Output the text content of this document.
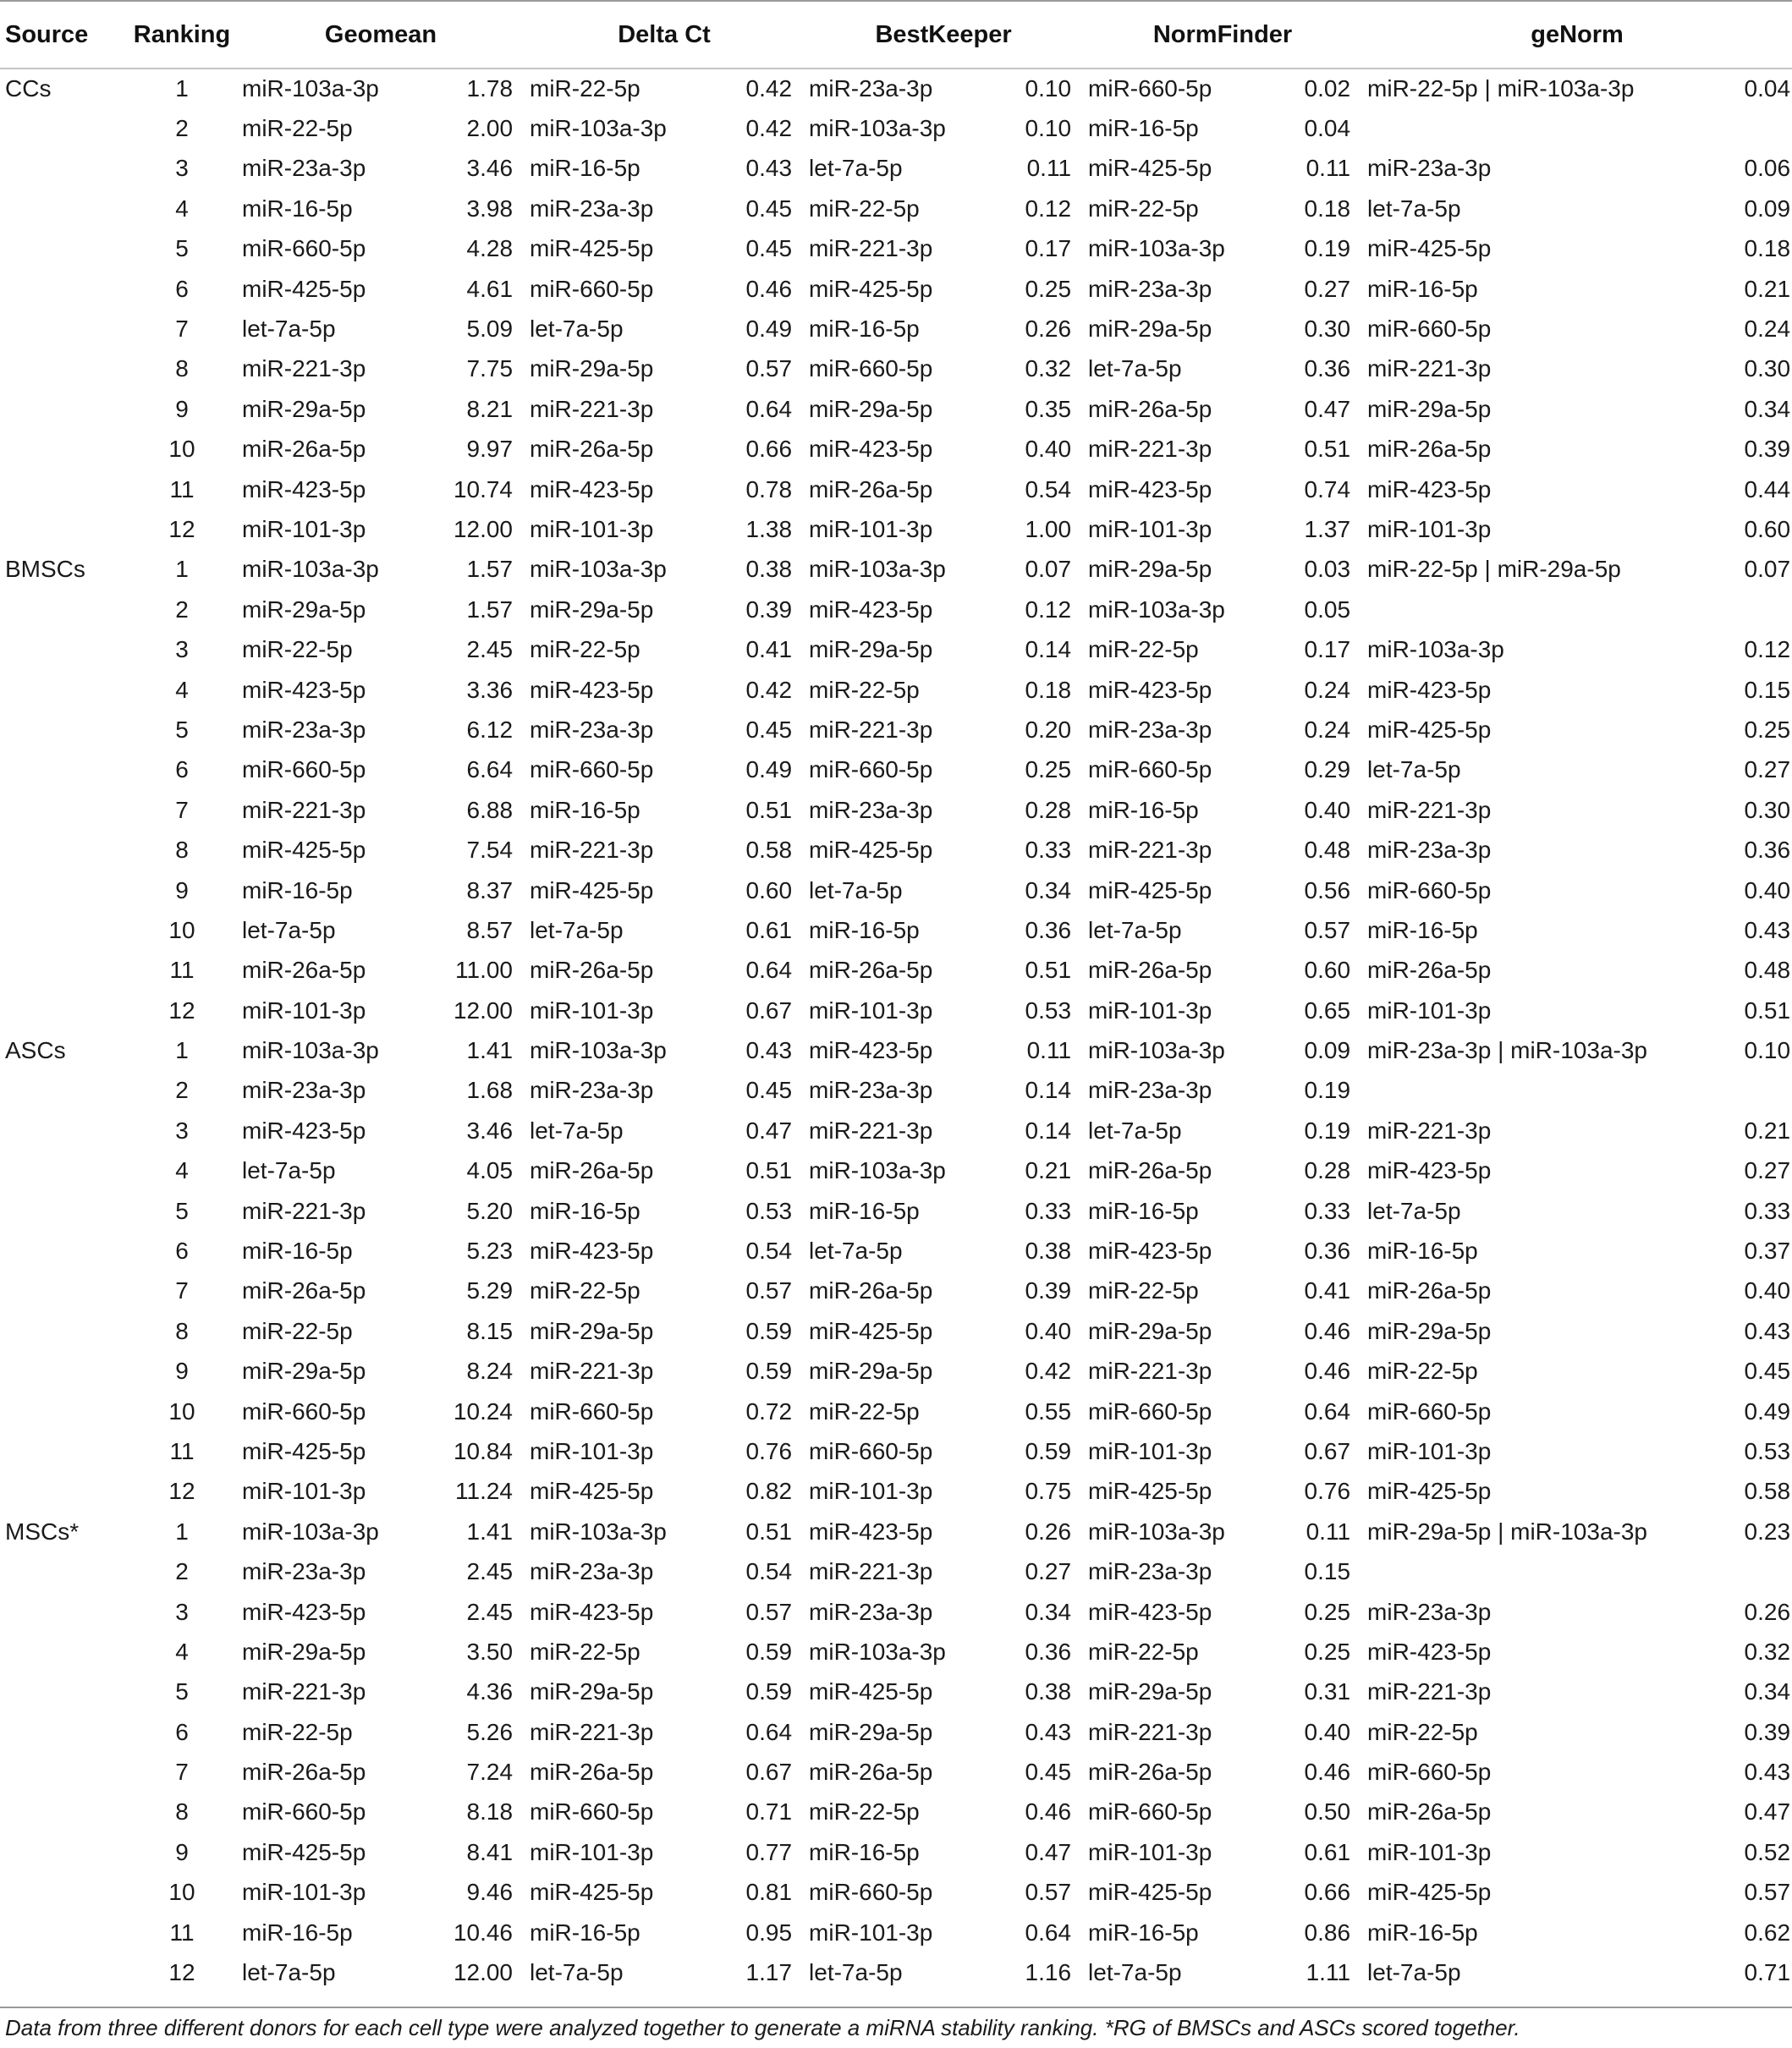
Source	Ranking	Geomean		Delta Ct		BestKeeper		NormFinder		geNorm	
CCs	1	miR-103a-3p	1.78	miR-22-5p	0.42	miR-23a-3p	0.10	miR-660-5p	0.02	miR-22-5p | miR-103a-3p	0.04
	2	miR-22-5p	2.00	miR-103a-3p	0.42	miR-103a-3p	0.10	miR-16-5p	0.04		
	3	miR-23a-3p	3.46	miR-16-5p	0.43	let-7a-5p	0.11	miR-425-5p	0.11	miR-23a-3p	0.06
	4	miR-16-5p	3.98	miR-23a-3p	0.45	miR-22-5p	0.12	miR-22-5p	0.18	let-7a-5p	0.09
	5	miR-660-5p	4.28	miR-425-5p	0.45	miR-221-3p	0.17	miR-103a-3p	0.19	miR-425-5p	0.18
	6	miR-425-5p	4.61	miR-660-5p	0.46	miR-425-5p	0.25	miR-23a-3p	0.27	miR-16-5p	0.21
	7	let-7a-5p	5.09	let-7a-5p	0.49	miR-16-5p	0.26	miR-29a-5p	0.30	miR-660-5p	0.24
	8	miR-221-3p	7.75	miR-29a-5p	0.57	miR-660-5p	0.32	let-7a-5p	0.36	miR-221-3p	0.30
	9	miR-29a-5p	8.21	miR-221-3p	0.64	miR-29a-5p	0.35	miR-26a-5p	0.47	miR-29a-5p	0.34
	10	miR-26a-5p	9.97	miR-26a-5p	0.66	miR-423-5p	0.40	miR-221-3p	0.51	miR-26a-5p	0.39
	11	miR-423-5p	10.74	miR-423-5p	0.78	miR-26a-5p	0.54	miR-423-5p	0.74	miR-423-5p	0.44
	12	miR-101-3p	12.00	miR-101-3p	1.38	miR-101-3p	1.00	miR-101-3p	1.37	miR-101-3p	0.60
BMSCs	1	miR-103a-3p	1.57	miR-103a-3p	0.38	miR-103a-3p	0.07	miR-29a-5p	0.03	miR-22-5p | miR-29a-5p	0.07
	2	miR-29a-5p	1.57	miR-29a-5p	0.39	miR-423-5p	0.12	miR-103a-3p	0.05		
	3	miR-22-5p	2.45	miR-22-5p	0.41	miR-29a-5p	0.14	miR-22-5p	0.17	miR-103a-3p	0.12
	4	miR-423-5p	3.36	miR-423-5p	0.42	miR-22-5p	0.18	miR-423-5p	0.24	miR-423-5p	0.15
	5	miR-23a-3p	6.12	miR-23a-3p	0.45	miR-221-3p	0.20	miR-23a-3p	0.24	miR-425-5p	0.25
	6	miR-660-5p	6.64	miR-660-5p	0.49	miR-660-5p	0.25	miR-660-5p	0.29	let-7a-5p	0.27
	7	miR-221-3p	6.88	miR-16-5p	0.51	miR-23a-3p	0.28	miR-16-5p	0.40	miR-221-3p	0.30
	8	miR-425-5p	7.54	miR-221-3p	0.58	miR-425-5p	0.33	miR-221-3p	0.48	miR-23a-3p	0.36
	9	miR-16-5p	8.37	miR-425-5p	0.60	let-7a-5p	0.34	miR-425-5p	0.56	miR-660-5p	0.40
	10	let-7a-5p	8.57	let-7a-5p	0.61	miR-16-5p	0.36	let-7a-5p	0.57	miR-16-5p	0.43
	11	miR-26a-5p	11.00	miR-26a-5p	0.64	miR-26a-5p	0.51	miR-26a-5p	0.60	miR-26a-5p	0.48
	12	miR-101-3p	12.00	miR-101-3p	0.67	miR-101-3p	0.53	miR-101-3p	0.65	miR-101-3p	0.51
ASCs	1	miR-103a-3p	1.41	miR-103a-3p	0.43	miR-423-5p	0.11	miR-103a-3p	0.09	miR-23a-3p | miR-103a-3p	0.10
	2	miR-23a-3p	1.68	miR-23a-3p	0.45	miR-23a-3p	0.14	miR-23a-3p	0.19		
	3	miR-423-5p	3.46	let-7a-5p	0.47	miR-221-3p	0.14	let-7a-5p	0.19	miR-221-3p	0.21
	4	let-7a-5p	4.05	miR-26a-5p	0.51	miR-103a-3p	0.21	miR-26a-5p	0.28	miR-423-5p	0.27
	5	miR-221-3p	5.20	miR-16-5p	0.53	miR-16-5p	0.33	miR-16-5p	0.33	let-7a-5p	0.33
	6	miR-16-5p	5.23	miR-423-5p	0.54	let-7a-5p	0.38	miR-423-5p	0.36	miR-16-5p	0.37
	7	miR-26a-5p	5.29	miR-22-5p	0.57	miR-26a-5p	0.39	miR-22-5p	0.41	miR-26a-5p	0.40
	8	miR-22-5p	8.15	miR-29a-5p	0.59	miR-425-5p	0.40	miR-29a-5p	0.46	miR-29a-5p	0.43
	9	miR-29a-5p	8.24	miR-221-3p	0.59	miR-29a-5p	0.42	miR-221-3p	0.46	miR-22-5p	0.45
	10	miR-660-5p	10.24	miR-660-5p	0.72	miR-22-5p	0.55	miR-660-5p	0.64	miR-660-5p	0.49
	11	miR-425-5p	10.84	miR-101-3p	0.76	miR-660-5p	0.59	miR-101-3p	0.67	miR-101-3p	0.53
	12	miR-101-3p	11.24	miR-425-5p	0.82	miR-101-3p	0.75	miR-425-5p	0.76	miR-425-5p	0.58
MSCs*	1	miR-103a-3p	1.41	miR-103a-3p	0.51	miR-423-5p	0.26	miR-103a-3p	0.11	miR-29a-5p | miR-103a-3p	0.23
	2	miR-23a-3p	2.45	miR-23a-3p	0.54	miR-221-3p	0.27	miR-23a-3p	0.15		
	3	miR-423-5p	2.45	miR-423-5p	0.57	miR-23a-3p	0.34	miR-423-5p	0.25	miR-23a-3p	0.26
	4	miR-29a-5p	3.50	miR-22-5p	0.59	miR-103a-3p	0.36	miR-22-5p	0.25	miR-423-5p	0.32
	5	miR-221-3p	4.36	miR-29a-5p	0.59	miR-425-5p	0.38	miR-29a-5p	0.31	miR-221-3p	0.34
	6	miR-22-5p	5.26	miR-221-3p	0.64	miR-29a-5p	0.43	miR-221-3p	0.40	miR-22-5p	0.39
	7	miR-26a-5p	7.24	miR-26a-5p	0.67	miR-26a-5p	0.45	miR-26a-5p	0.46	miR-660-5p	0.43
	8	miR-660-5p	8.18	miR-660-5p	0.71	miR-22-5p	0.46	miR-660-5p	0.50	miR-26a-5p	0.47
	9	miR-425-5p	8.41	miR-101-3p	0.77	miR-16-5p	0.47	miR-101-3p	0.61	miR-101-3p	0.52
	10	miR-101-3p	9.46	miR-425-5p	0.81	miR-660-5p	0.57	miR-425-5p	0.66	miR-425-5p	0.57
	11	miR-16-5p	10.46	miR-16-5p	0.95	miR-101-3p	0.64	miR-16-5p	0.86	miR-16-5p	0.62
	12	let-7a-5p	12.00	let-7a-5p	1.17	let-7a-5p	1.16	let-7a-5p	1.11	let-7a-5p	0.71
Data from three different donors for each cell type were analyzed together to generate a miRNA stability ranking. *RG of BMSCs and ASCs scored together.
